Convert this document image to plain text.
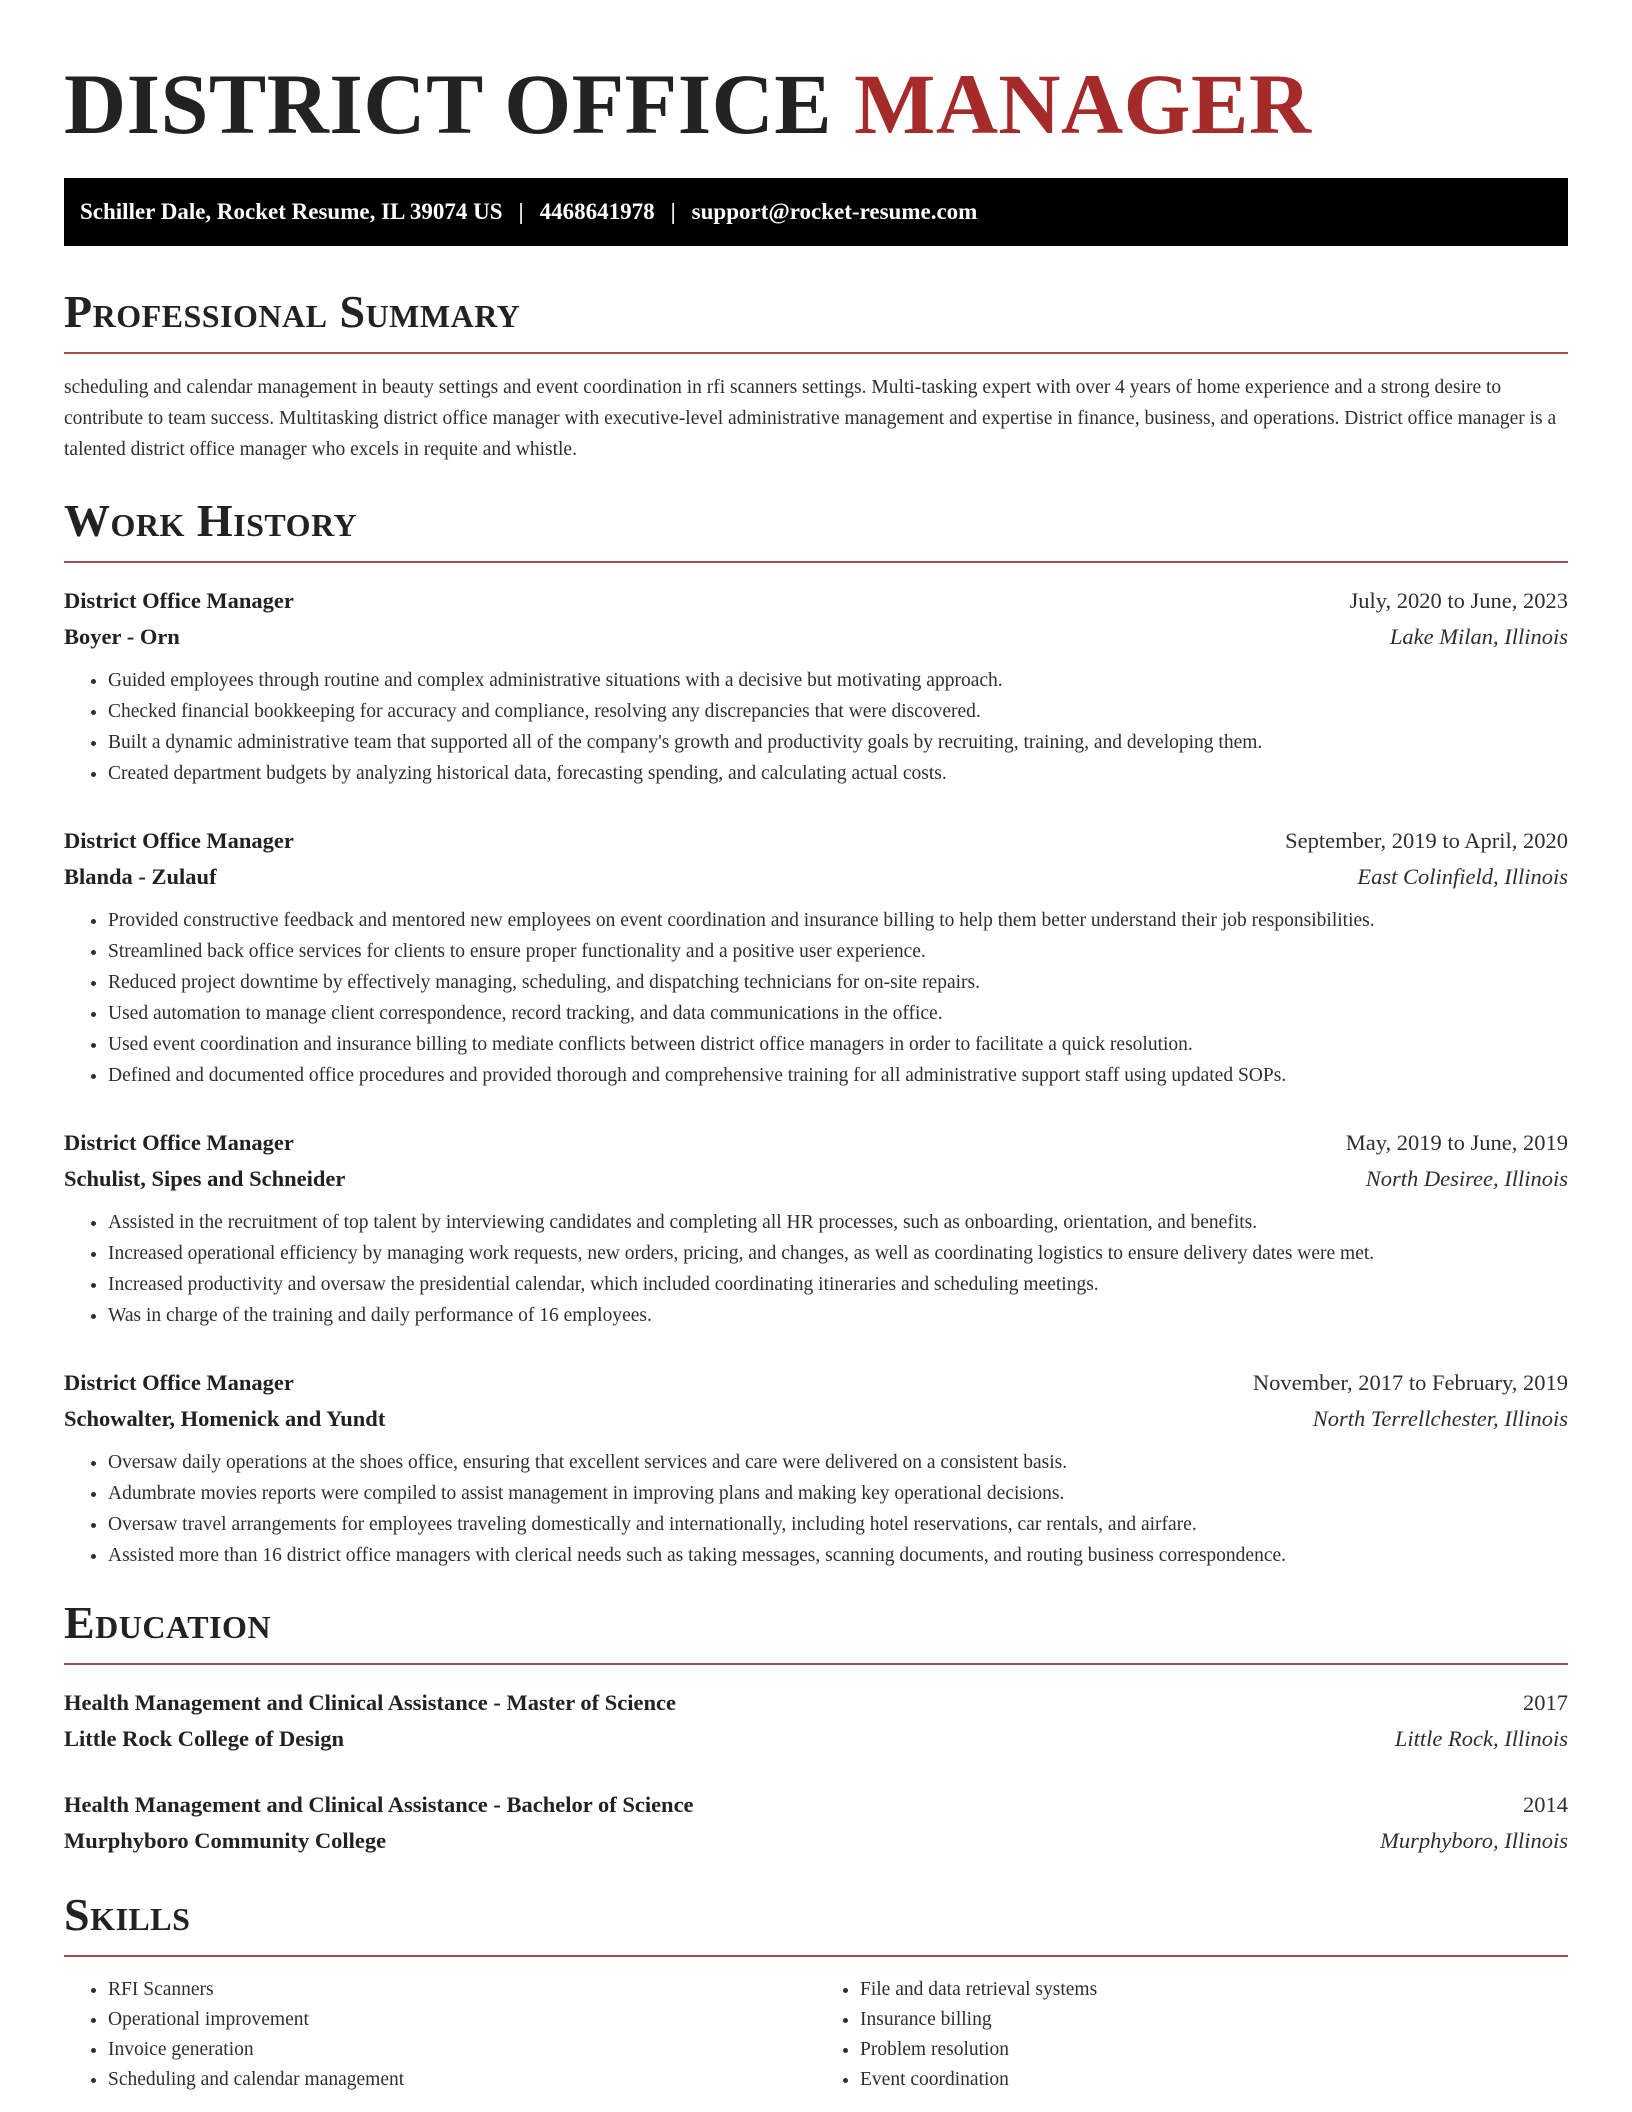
DISTRICT OFFICE MANAGER
Schiller Dale, Rocket Resume, IL 39074 US | 4468641978 | support@rocket-resume.com
Professional Summary

scheduling and calendar management in beauty settings and event coordination in rfi scanners settings. Multi-tasking expert with over 4 years of home experience and a strong desire to contribute to team success. Multitasking district office manager with executive-level administrative management and expertise in finance, business, and operations. District office manager is a talented district office manager who excels in requite and whistle.

Work History
District Office Manager	July, 2020 to June, 2023
Boyer - Orn	Lake Milan, Illinois
• Guided employees through routine and complex administrative situations with a decisive but motivating approach.
• Checked financial bookkeeping for accuracy and compliance, resolving any discrepancies that were discovered.
• Built a dynamic administrative team that supported all of the company's growth and productivity goals by recruiting, training, and developing them.
• Created department budgets by analyzing historical data, forecasting spending, and calculating actual costs.
District Office Manager	September, 2019 to April, 2020
Blanda - Zulauf	East Colinfield, Illinois
• Provided constructive feedback and mentored new employees on event coordination and insurance billing to help them better understand their job responsibilities.
• Streamlined back office services for clients to ensure proper functionality and a positive user experience.
• Reduced project downtime by effectively managing, scheduling, and dispatching technicians for on-site repairs.
• Used automation to manage client correspondence, record tracking, and data communications in the office.
• Used event coordination and insurance billing to mediate conflicts between district office managers in order to facilitate a quick resolution.
• Defined and documented office procedures and provided thorough and comprehensive training for all administrative support staff using updated SOPs.
District Office Manager	May, 2019 to June, 2019
Schulist, Sipes and Schneider	North Desiree, Illinois
• Assisted in the recruitment of top talent by interviewing candidates and completing all HR processes, such as onboarding, orientation, and benefits.
• Increased operational efficiency by managing work requests, new orders, pricing, and changes, as well as coordinating logistics to ensure delivery dates were met.
• Increased productivity and oversaw the presidential calendar, which included coordinating itineraries and scheduling meetings.
• Was in charge of the training and daily performance of 16 employees.
District Office Manager	November, 2017 to February, 2019
Schowalter, Homenick and Yundt	North Terrellchester, Illinois
• Oversaw daily operations at the shoes office, ensuring that excellent services and care were delivered on a consistent basis.
• Adumbrate movies reports were compiled to assist management in improving plans and making key operational decisions.
• Oversaw travel arrangements for employees traveling domestically and internationally, including hotel reservations, car rentals, and airfare.
• Assisted more than 16 district office managers with clerical needs such as taking messages, scanning documents, and routing business correspondence.
Education
Health Management and Clinical Assistance - Master of Science	2017
Little Rock College of Design	Little Rock, Illinois
Health Management and Clinical Assistance - Bachelor of Science	2014
Murphyboro Community College	Murphyboro, Illinois
Skills
• RFI Scanners
• Operational improvement
• Invoice generation
• Scheduling and calendar management
• File and data retrieval systems
• Insurance billing
• Problem resolution
• Event coordination
